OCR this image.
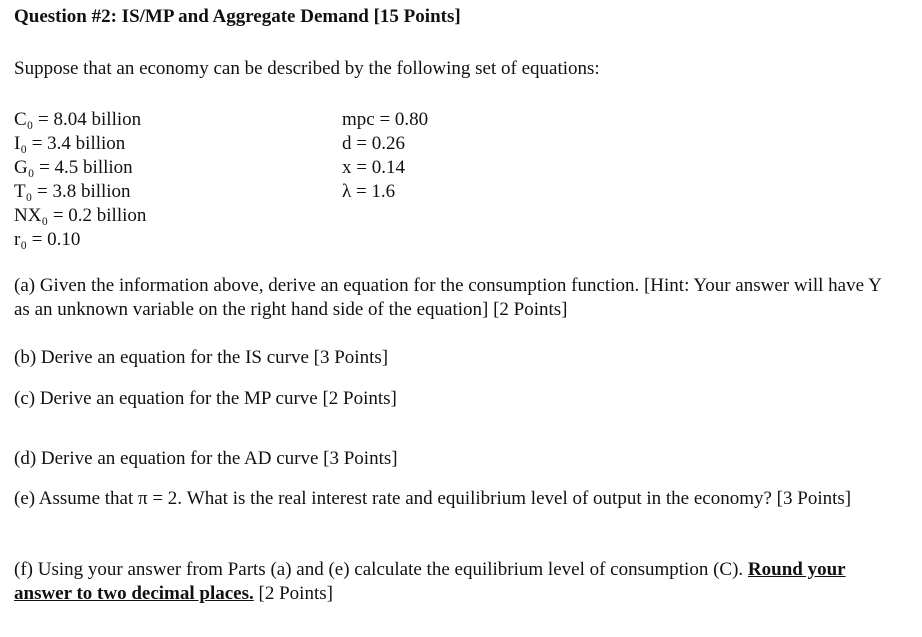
Question #2: IS/MP and Aggregate Demand [15 Points]
Suppose that an economy can be described by the following set of equations:
C₀ = 8.04 billion
I₀ = 3.4 billion
G₀ = 4.5 billion
T₀ = 3.8 billion
NX₀ = 0.2 billion
r₀ = 0.10
mpc = 0.80
d = 0.26
x = 0.14
λ = 1.6
(a) Given the information above, derive an equation for the consumption function. [Hint: Your answer will have Y as an unknown variable on the right hand side of the equation] [2 Points]
(b) Derive an equation for the IS curve [3 Points]
(c) Derive an equation for the MP curve [2 Points]
(d) Derive an equation for the AD curve [3 Points]
(e) Assume that π = 2. What is the real interest rate and equilibrium level of output in the economy? [3 Points]
(f) Using your answer from Parts (a) and (e) calculate the equilibrium level of consumption (C). Round your answer to two decimal places. [2 Points]
